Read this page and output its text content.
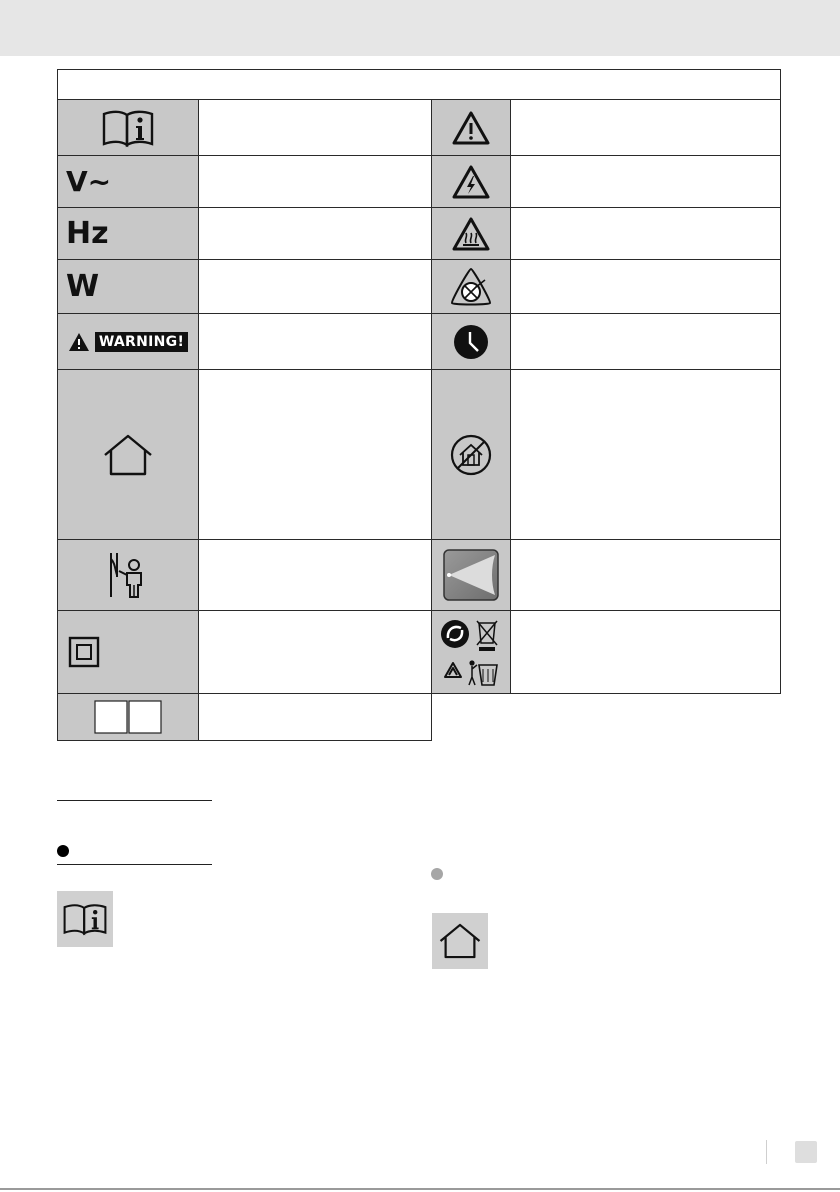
V~
Hz
W
WARNING!
